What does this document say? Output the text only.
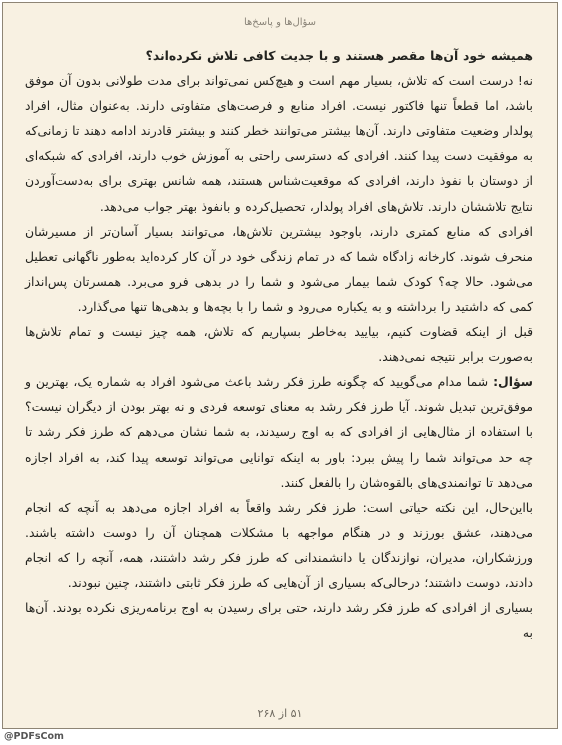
سؤال‌ها و پاسخ‌ها

همیشه خود آن‌ها مقصر هستند و با جدیت کافی تلاش نکرده‌اند؟

نه! درست است که تلاش، بسیار مهم است و هیچ‌کس نمی‌تواند برای مدت طولانی بدون آن موفق باشد، اما قطعاً تنها فاکتور نیست. افراد منابع و فرصت‌های متفاوتی دارند. به‌عنوان مثال، افراد پولدار وضعیت متفاوتی دارند. آن‌ها بیشتر می‌توانند خطر کنند و بیشتر قادرند ادامه دهند تا زمانی‌که به موفقیت دست پیدا کنند. افرادی که دسترسی راحتی به آموزش خوب دارند، افرادی که شبکه‌ای از دوستان با نفوذ دارند، افرادی که موقعیت‌شناس هستند، همه شانس بهتری برای به‌دست‌آوردن نتایج تلاششان دارند. تلاش‌های افراد پولدار، تحصیل‌کرده و بانفوذ بهتر جواب می‌دهد.

افرادی که منابع کمتری دارند، باوجود بیشترین تلاش‌ها، می‌توانند بسیار آسان‌تر از مسیرشان منحرف شوند. کارخانه زادگاه شما که در تمام زندگی خود در آن کار کرده‌اید به‌طور ناگهانی تعطیل می‌شود. حالا چه؟ کودک شما بیمار می‌شود و شما را در بدهی فرو می‌برد. همسرتان پس‌انداز کمی که داشتید را برداشته و به یکباره می‌رود و شما را با بچه‌ها و بدهی‌ها تنها می‌گذارد.

قبل از اینکه قضاوت کنیم، بیایید به‌خاطر بسپاریم که تلاش، همه چیز نیست و تمام تلاش‌ها به‌صورت برابر نتیجه نمی‌دهند.

سؤال: شما مدام می‌گویید که چگونه طرز فکر رشد باعث می‌شود افراد به شماره یک، بهترین و موفق‌ترین تبدیل شوند. آیا طرز فکر رشد به معنای توسعه فردی و نه بهتر بودن از دیگران نیست؟ با استفاده از مثال‌هایی از افرادی که به اوج رسیدند، به شما نشان می‌دهم که طرز فکر رشد تا چه حد می‌تواند شما را پیش ببرد: باور به اینکه توانایی می‌تواند توسعه پیدا کند، به افراد اجازه می‌دهد تا توانمندی‌های بالقوه‌شان را بالفعل کنند.

بااین‌حال، این نکته حیاتی است: طرز فکر رشد واقعاً به افراد اجازه می‌دهد به آنچه که انجام می‌دهند، عشق بورزند و در هنگام مواجهه با مشکلات همچنان آن را دوست داشته باشند. ورزشکاران، مدیران، نوازندگان یا دانشمندانی که طرز فکر رشد داشتند، همه، آنچه را که انجام دادند، دوست داشتند؛ درحالی‌که بسیاری از آن‌هایی که طرز فکر ثابتی داشتند، چنین نبودند.

بسیاری از افرادی که طرز فکر رشد دارند، حتی برای رسیدن به اوج برنامه‌ریزی نکرده بودند. آن‌ها به

۵۱ از ۲۶۸
@PDFsCom
